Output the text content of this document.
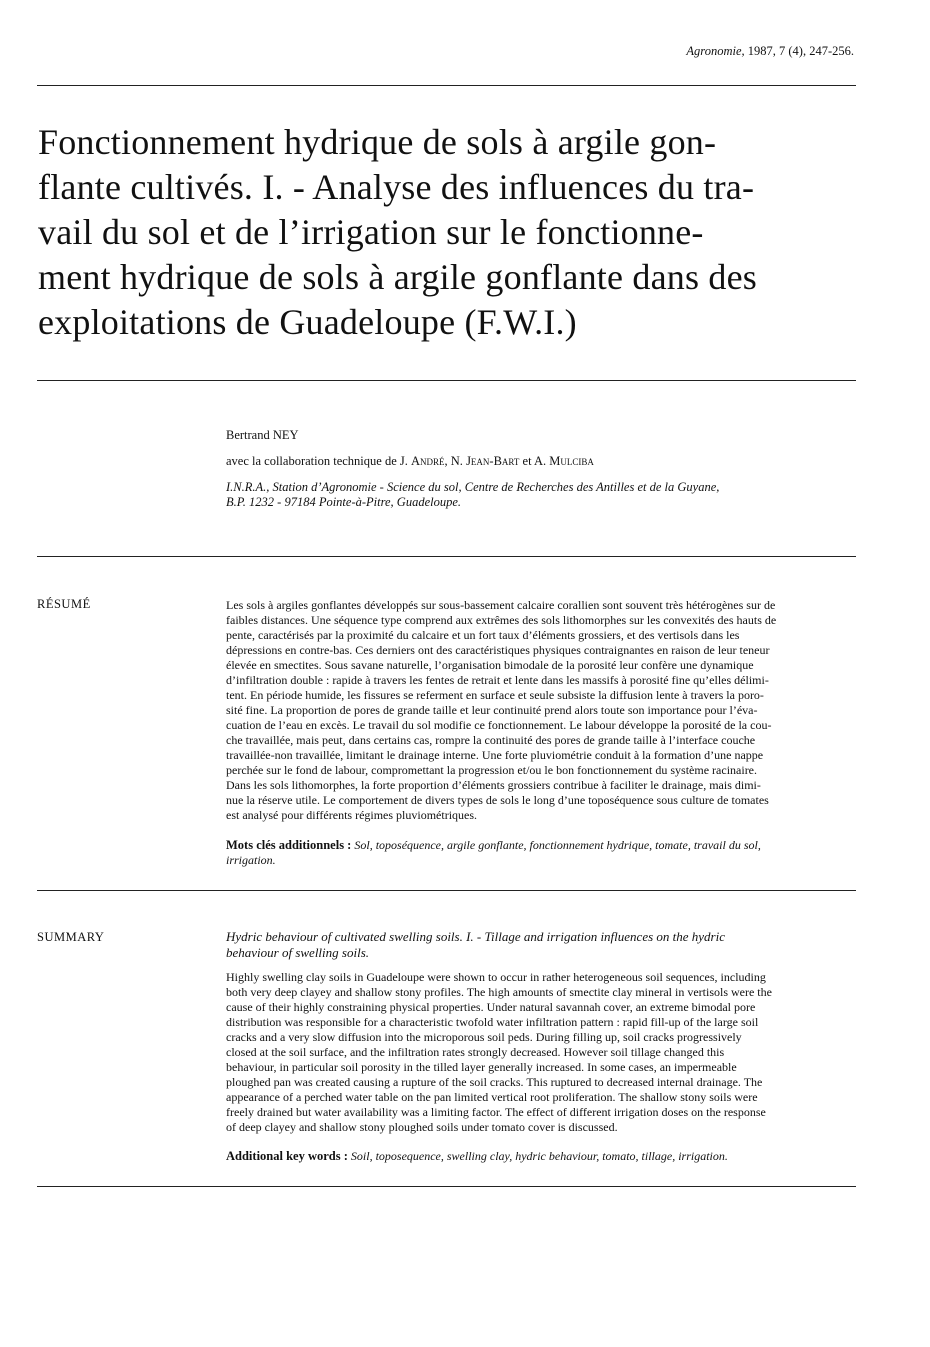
Agronomie, 1987, 7 (4), 247-256.
Fonctionnement hydrique de sols à argile gon-
flante cultivés. I. - Analyse des influences du tra-
vail du sol et de l’irrigation sur le fonctionne-
ment hydrique de sols à argile gonflante dans des
exploitations de Guadeloupe (F.W.I.)
Bertrand NEY
avec la collaboration technique de J. André, N. Jean-Bart et A. Mulciba
I.N.R.A., Station d’Agronomie - Science du sol, Centre de Recherches des Antilles et de la Guyane,
B.P. 1232 - 97184 Pointe-à-Pitre, Guadeloupe.
RÉSUMÉ	Les sols à argiles gonflantes développés sur sous-bassement calcaire corallien sont souvent très hétérogènes sur de
faibles distances. Une séquence type comprend aux extrêmes des sols lithomorphes sur les convexités des hauts de
pente, caractérisés par la proximité du calcaire et un fort taux d’éléments grossiers, et des vertisols dans les
dépressions en contre-bas. Ces derniers ont des caractéristiques physiques contraignantes en raison de leur teneur
élevée en smectites. Sous savane naturelle, l’organisation bimodale de la porosité leur confère une dynamique
d’infiltration double : rapide à travers les fentes de retrait et lente dans les massifs à porosité fine qu’elles délimi-
tent. En période humide, les fissures se referment en surface et seule subsiste la diffusion lente à travers la poro-
sité fine. La proportion de pores de grande taille et leur continuité prend alors toute son importance pour l’éva-
cuation de l’eau en excès. Le travail du sol modifie ce fonctionnement. Le labour développe la porosité de la cou-
che travaillée, mais peut, dans certains cas, rompre la continuité des pores de grande taille à l’interface couche
travaillée-non travaillée, limitant le drainage interne. Une forte pluviométrie conduit à la formation d’une nappe
perchée sur le fond de labour, compromettant la progression et/ou le bon fonctionnement du système racinaire.
Dans les sols lithomorphes, la forte proportion d’éléments grossiers contribue à faciliter le drainage, mais dimi-
nue la réserve utile. Le comportement de divers types de sols le long d’une toposéquence sous culture de tomates
est analysé pour différents régimes pluviométriques.

Mots clés additionnels : Sol, toposéquence, argile gonflante, fonctionnement hydrique, tomate, travail du sol,
irrigation.
SUMMARY	Hydric behaviour of cultivated swelling soils. I. - Tillage and irrigation influences on the hydric
behaviour of swelling soils.

Highly swelling clay soils in Guadeloupe were shown to occur in rather heterogeneous soil sequences, including
both very deep clayey and shallow stony profiles. The high amounts of smectite clay mineral in vertisols were the
cause of their highly constraining physical properties. Under natural savannah cover, an extreme bimodal pore
distribution was responsible for a characteristic twofold water infiltration pattern : rapid fill-up of the large soil
cracks and a very slow diffusion into the microporous soil peds. During filling up, soil cracks progressively
closed at the soil surface, and the infiltration rates strongly decreased. However soil tillage changed this
behaviour, in particular soil porosity in the tilled layer generally increased. In some cases, an impermeable
ploughed pan was created causing a rupture of the soil cracks. This ruptured to decreased internal drainage. The
appearance of a perched water table on the pan limited vertical root proliferation. The shallow stony soils were
freely drained but water availability was a limiting factor. The effect of different irrigation doses on the response
of deep clayey and shallow stony ploughed soils under tomato cover is discussed.

Additional key words : Soil, toposequence, swelling clay, hydric behaviour, tomato, tillage, irrigation.
